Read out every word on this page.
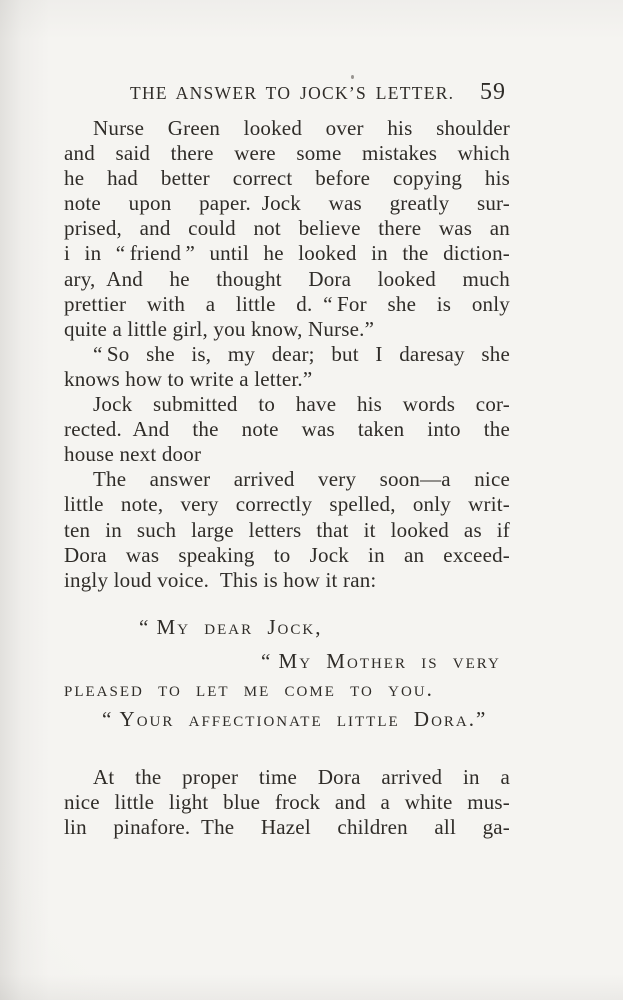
THE ANSWER TO JOCK’S LETTER. 59
Nurse Green looked over his shoulder
and said there were some mistakes which
he had better correct before copying his
note upon paper. Jock was greatly sur-
prised, and could not believe there was an
i in “ friend ” until he looked in the diction-
ary, And he thought Dora looked much
prettier with a little d. “ For she is only
quite a little girl, you know, Nurse.”
“ So she is, my dear; but I daresay she
knows how to write a letter.”
Jock submitted to have his words cor-
rected. And the note was taken into the
house next door
The answer arrived very soon—a nice
little note, very correctly spelled, only writ-
ten in such large letters that it looked as if
Dora was speaking to Jock in an exceed-
ingly loud voice. This is how it ran:
“ My dear Jock,
“ My Mother is very
pleased to let me come to you.
“ Your affectionate little Dora.”
At the proper time Dora arrived in a
nice little light blue frock and a white mus-
lin pinafore. The Hazel children all ga-
